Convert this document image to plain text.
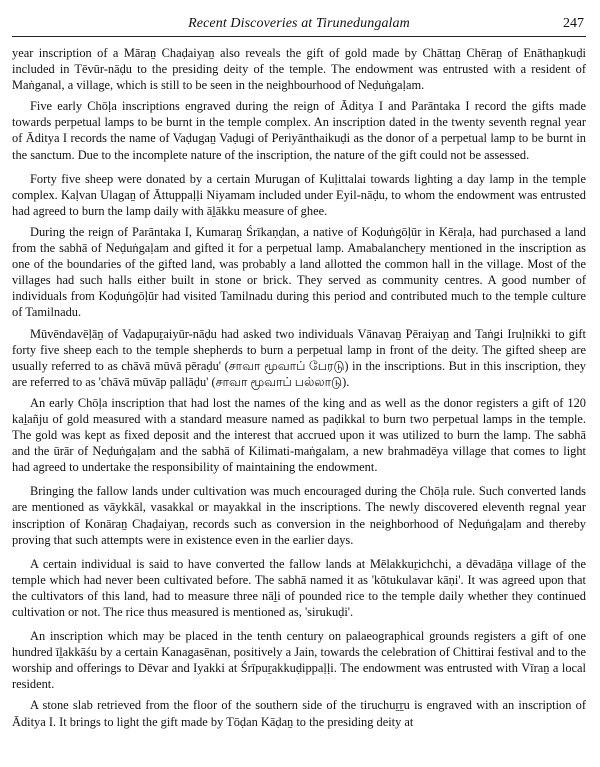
Recent Discoveries at Tirunedungalam	247

year inscription of a Māraṉ Chaḍaiyaṉ also reveals the gift of gold made by Chāttaṉ Chēraṉ of Enāthaṉkuḍi included in Tēvūr-nāḍu to the presiding deity of the temple. The endowment was entrusted with a resident of Maṅganal, a village, which is still to be seen in the neighbourhood of Neḍuṅgaḷam.

Five early Chōḷa inscriptions engraved during the reign of Āditya I and Parāntaka I record the gifts made towards perpetual lamps to be burnt in the temple complex. An inscription dated in the twenty seventh regnal year of Āditya I records the name of Vaḍugaṉ Vaḍugi of Periyānthaikuḍi as the donor of a perpetual lamp to be burnt in the sanctum. Due to the incomplete nature of the inscription, the nature of the gift could not be assessed.

Forty five sheep were donated by a certain Murugan of Kuḷittalai towards lighting a day lamp in the temple complex. Kaḷvan Ulagaṉ of Āttuppaḷḷi Niyamam included under Eyil-nāḍu, to whom the endowment was entrusted had agreed to burn the lamp daily with āḻākku measure of ghee.

During the reign of Parāntaka I, Kumaraṉ Śrīkaṇḍan, a native of Koḍuṅgōḷūr in Kēraḷa, had purchased a land from the sabhā of Neḍuṅgaḷam and gifted it for a perpetual lamp. Amabalancheṟy mentioned in the inscription as one of the boundaries of the gifted land, was probably a land allotted the common hall in the village. Most of the villages had such halls either built in stone or brick. They served as community centres. A good number of individuals from Koḍuṅgōḷūr had visited Tamilnadu during this period and contributed much to the temple culture of Tamilnadu.

Mūvēndavēḷāṉ of Vaḍapuṟaiyūr-nāḍu had asked two individuals Vānavaṉ Pēraiyaṉ and Taṅgi Iruḷnikki to gift forty five sheep each to the temple shepherds to burn a perpetual lamp in front of the deity. The gifted sheep are usually referred to as chāvā mūvā pēraḍu' (சாவா மூவாப் பேரடு) in the inscriptions. But in this inscription, they are referred to as 'chāvā mūvāp pallāḍu' (சாவா மூவாப் பல்லாடு).

An early Chōḷa inscription that had lost the names of the king and as well as the donor registers a gift of 120 kaḻañju of gold measured with a standard measure named as paḍikkal to burn two perpetual lamps in the temple. The gold was kept as fixed deposit and the interest that accrued upon it was utilized to burn the lamp. The sabhā and the ūrār of Neḍuṅgaḷam and the sabhā of Kilimati-maṅgalam, a new brahmadēya village that comes to light had agreed to undertake the responsibility of maintaining the endowment.

Bringing the fallow lands under cultivation was much encouraged during the Chōḷa rule. Such converted lands are mentioned as vāykkāl, vasakkal or mayakkal in the inscriptions. The newly discovered eleventh regnal year inscription of Konāraṉ Chaḍaiyaṉ, records such as conversion in the neighborhood of Neḍuṅgaḷam and thereby proving that such attempts were in existence even in the earlier days.

A certain individual is said to have converted the fallow lands at Mēlakkuṟichchi, a dēvadāṉa village of the temple which had never been cultivated before. The sabhā named it as 'kōtukulavar kāṇi'. It was agreed upon that the cultivators of this land, had to measure three nāḻi of pounded rice to the temple daily whether they continued cultivation or not. The rice thus measured is mentioned as, 'sirukuḍi'.

An inscription which may be placed in the tenth century on palaeographical grounds registers a gift of one hundred īḻakkāśu by a certain Kanagasēnan, positively a Jain, towards the celebration of Chittirai festival and to the worship and offerings to Dēvar and Iyakki at Śrīpuṟakkuḍippaḷḷi. The endowment was entrusted with Vīraṉ a local resident.

A stone slab retrieved from the floor of the southern side of the tiruchuṟṟu is engraved with an inscription of Āditya I. It brings to light the gift made by Tōḍan Kāḍaṉ to the presiding deity at
